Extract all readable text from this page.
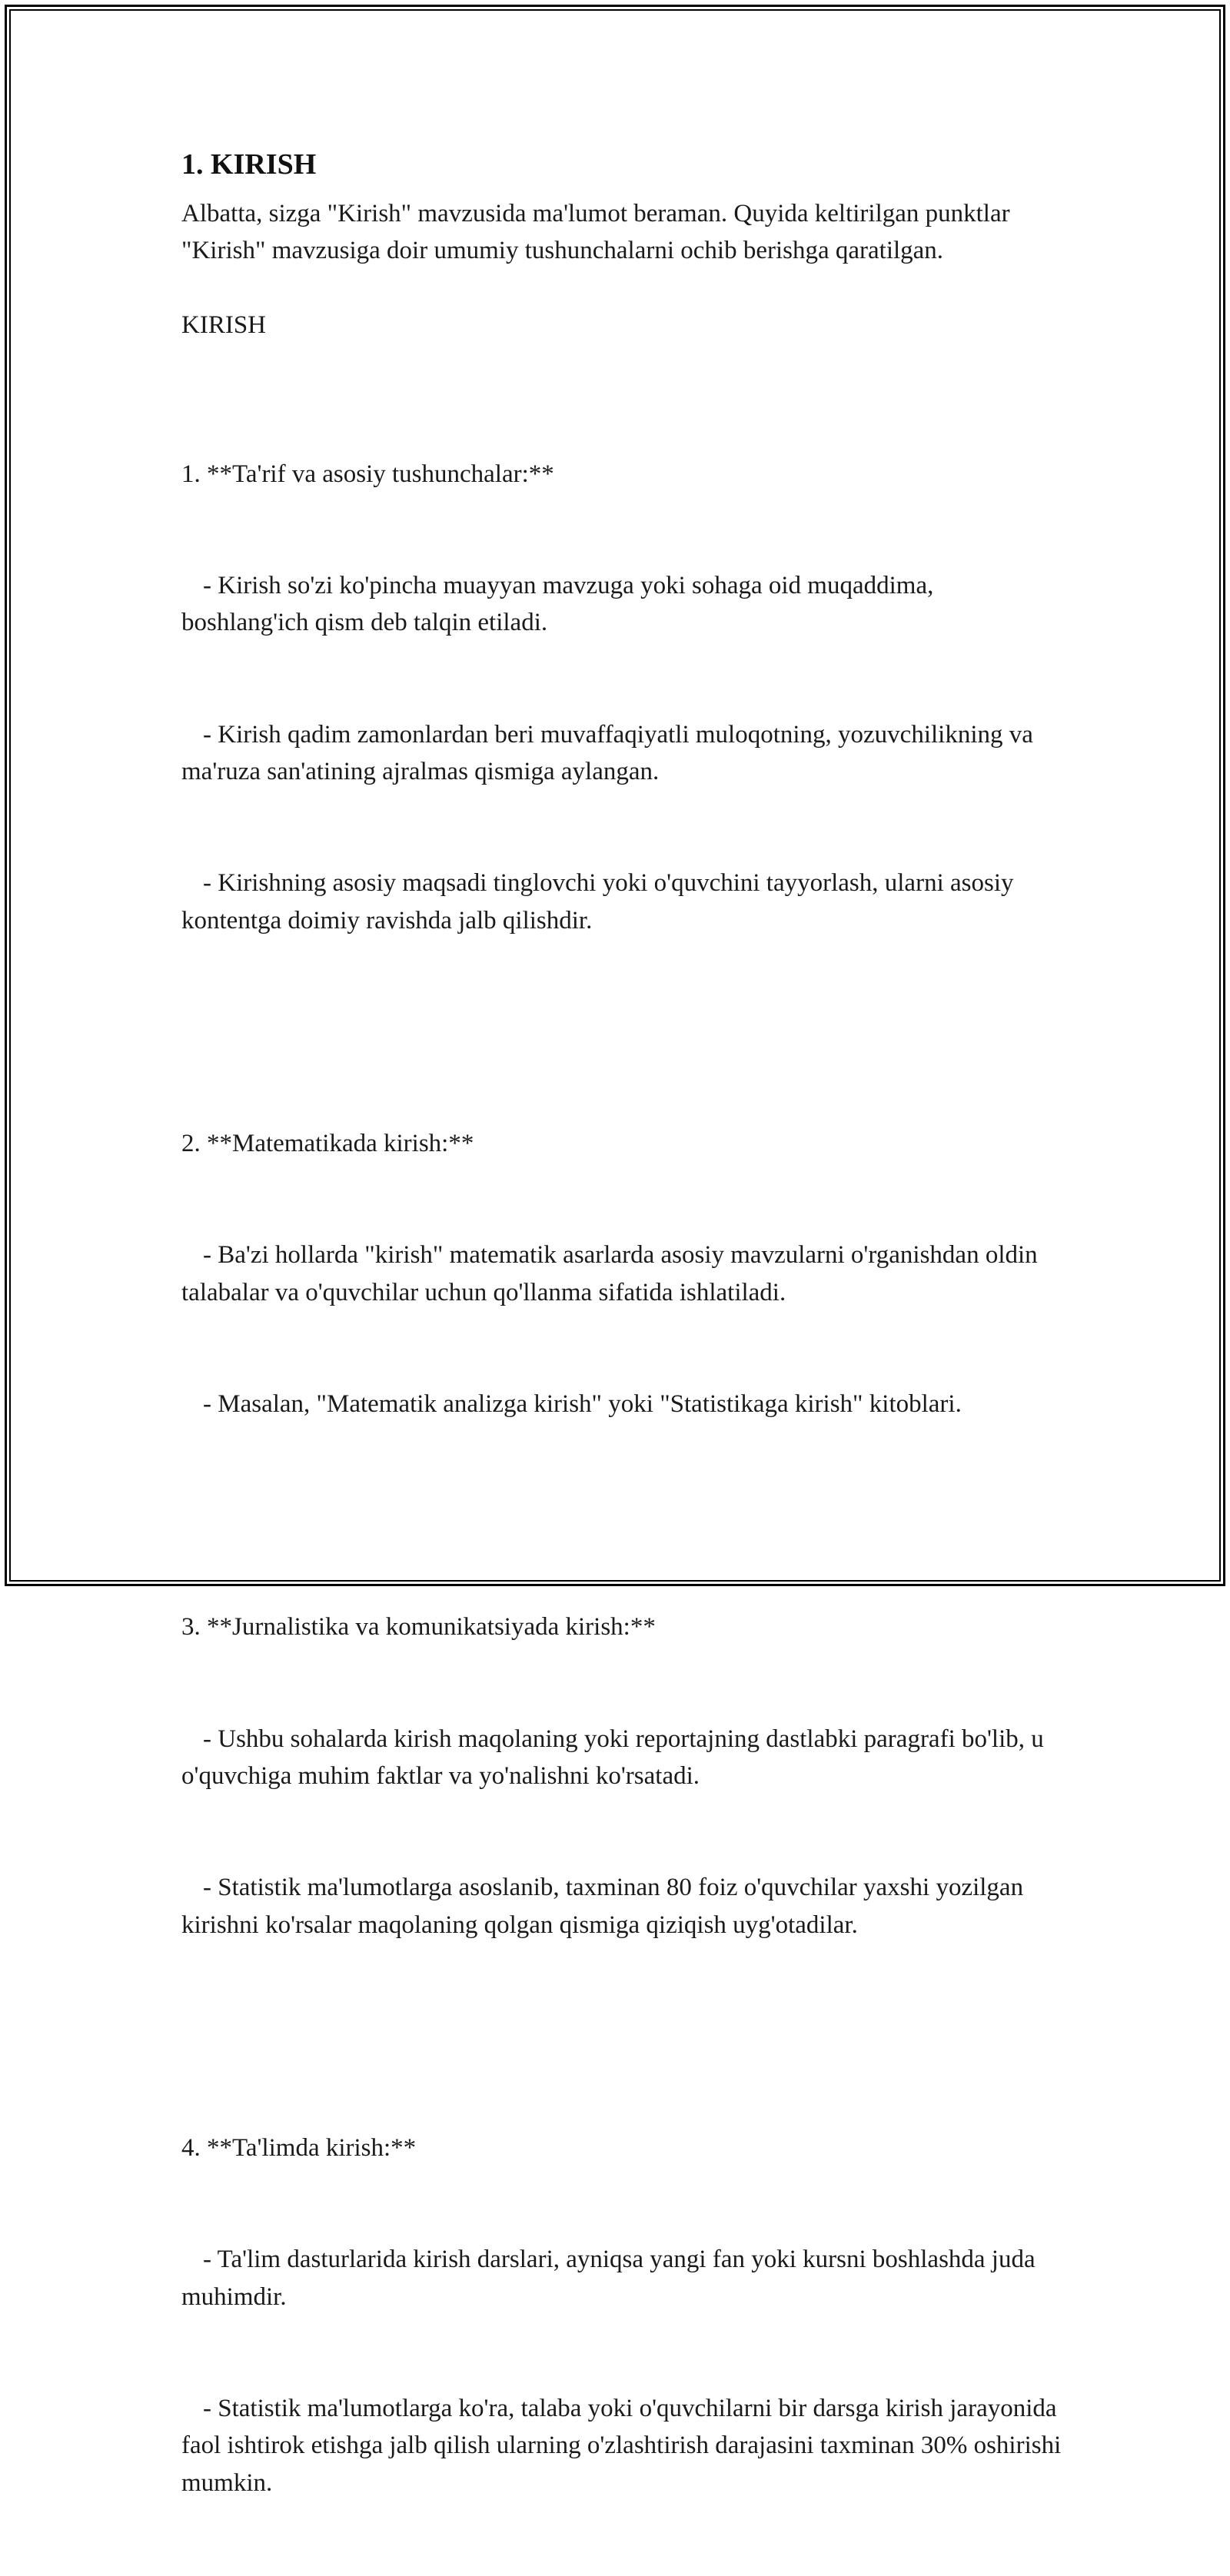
1. KIRISH

Albatta, sizga "Kirish" mavzusida ma'lumot beraman. Quyida keltirilgan punktlar "Kirish" mavzusiga doir umumiy tushunchalarni ochib berishga qaratilgan.

KIRISH

1. **Ta'rif va asosiy tushunchalar:**

- Kirish so'zi ko'pincha muayyan mavzuga yoki sohaga oid muqaddima, boshlang'ich qism deb talqin etiladi.

- Kirish qadim zamonlardan beri muvaffaqiyatli muloqotning, yozuvchilikning va ma'ruza san'atining ajralmas qismiga aylangan.

- Kirishning asosiy maqsadi tinglovchi yoki o'quvchini tayyorlash, ularni asosiy kontentga doimiy ravishda jalb qilishdir.

2. **Matematikada kirish:**

- Ba'zi hollarda "kirish" matematik asarlarda asosiy mavzularni o'rganishdan oldin talabalar va o'quvchilar uchun qo'llanma sifatida ishlatiladi.

- Masalan, "Matematik analizga kirish" yoki "Statistikaga kirish" kitoblari.

3. **Jurnalistika va komunikatsiyada kirish:**

- Ushbu sohalarda kirish maqolaning yoki reportajning dastlabki paragrafi bo'lib, u o'quvchiga muhim faktlar va yo'nalishni ko'rsatadi.

- Statistik ma'lumotlarga asoslanib, taxminan 80 foiz o'quvchilar yaxshi yozilgan kirishni ko'rsalar maqolaning qolgan qismiga qiziqish uyg'otadilar.

4. **Ta'limda kirish:**

- Ta'lim dasturlarida kirish darslari, ayniqsa yangi fan yoki kursni boshlashda juda muhimdir.

- Statistik ma'lumotlarga ko'ra, talaba yoki o'quvchilarni bir darsga kirish jarayonida faol ishtirok etishga jalb qilish ularning o'zlashtirish darajasini taxminan 30% oshirishi mumkin.
